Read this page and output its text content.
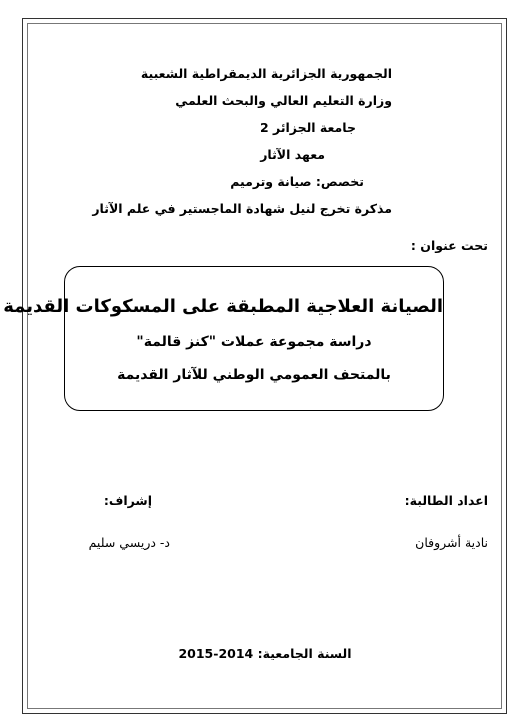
الجمهورية الجزائرية الديمقراطية الشعبية
وزارة التعليم العالي والبحث العلمي
جامعة الجزائر 2
معهد الآثار
تخصص: صيانة وترميم
مذكرة تخرج لنيل شهادة الماجستير في علم الآثار
تحت عنوان :
الصيانة العلاجية المطبقة على المسكوكات القديمة
دراسة مجموعة عملات "كنز قالمة"
بالمتحف العمومي الوطني للآثار القديمة
اعداد الطالبة:
نادية أشروفان
إشراف:
د- دريسي سليم
السنة الجامعية: 2014-2015
